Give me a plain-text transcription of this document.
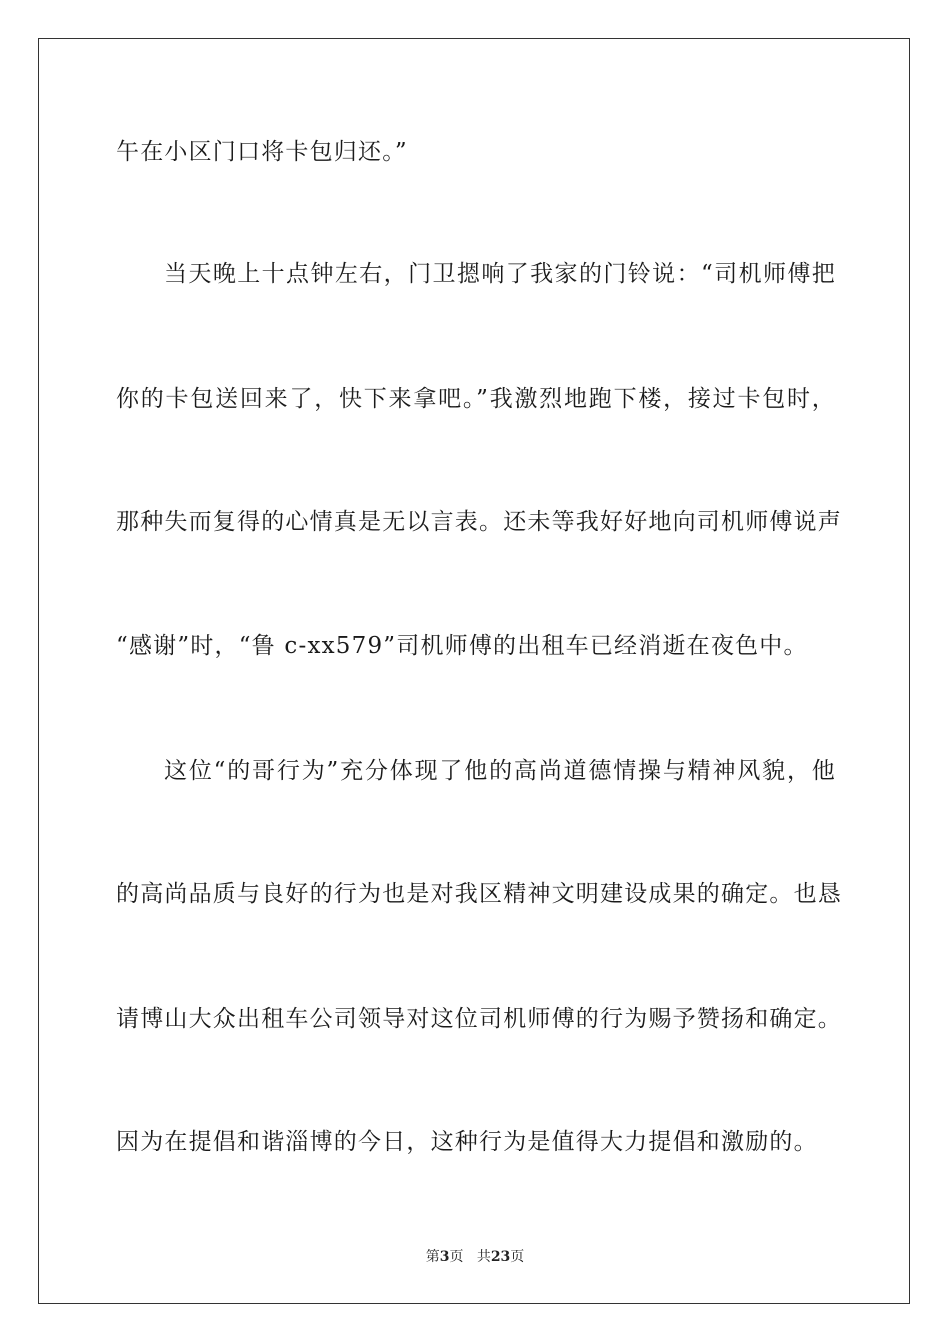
午在小区门口将卡包归还。”
当天晚上十点钟左右，门卫摁响了我家的门铃说：“司机师傅把
你的卡包送回来了，快下来拿吧。”我激烈地跑下楼，接过卡包时，
那种失而复得的心情真是无以言表。还未等我好好地向司机师傅说声
“感谢”时，“鲁 c-xx579”司机师傅的出租车已经消逝在夜色中。
这位“的哥行为”充分体现了他的高尚道德情操与精神风貌，他
的高尚品质与良好的行为也是对我区精神文明建设成果的确定。也恳
请博山大众出租车公司领导对这位司机师傅的行为赐予赞扬和确定。
因为在提倡和谐淄博的今日，这种行为是值得大力提倡和激励的。
第3页 共23页
